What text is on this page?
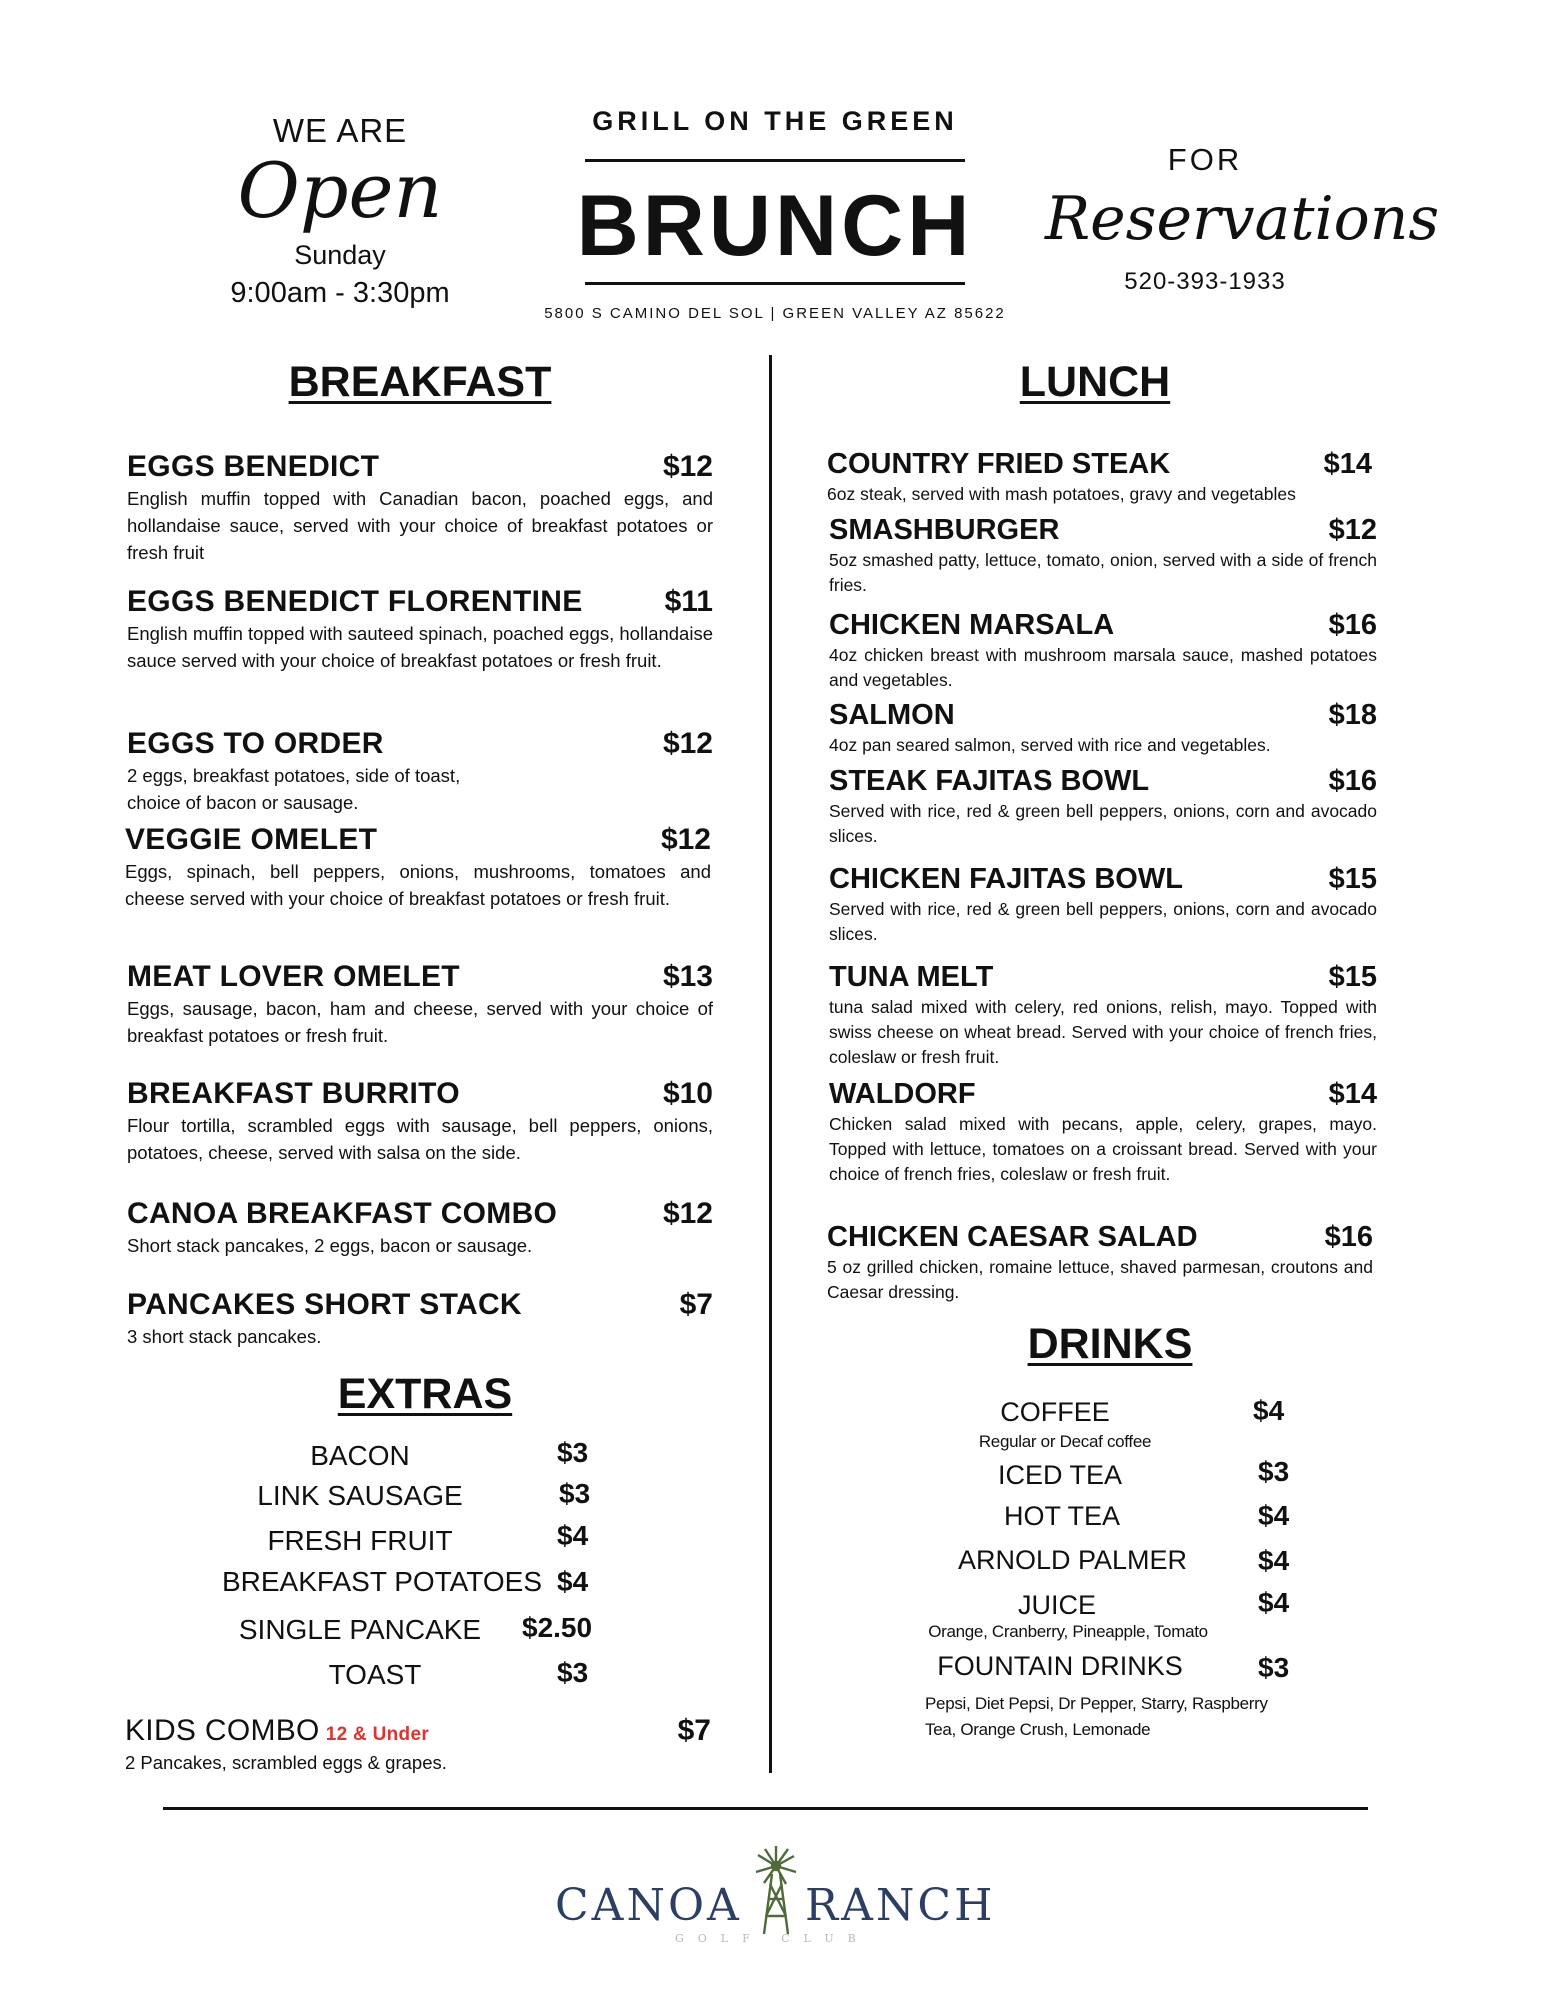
WE ARE
Open
Sunday
9:00am - 3:30pm
GRILL ON THE GREEN
BRUNCH
5800 S CAMINO DEL SOL | GREEN VALLEY AZ 85622
FOR
Reservations
520-393-1933
BREAKFAST
EGGS BENEDICT	$12
English muffin topped with Canadian bacon, poached eggs, and hollandaise sauce, served with your choice of breakfast potatoes or fresh fruit
EGGS BENEDICT FLORENTINE	$11
English muffin topped with sauteed spinach, poached eggs, hollandaise sauce served with your choice of breakfast potatoes or fresh fruit.
EGGS TO ORDER	$12
2 eggs, breakfast potatoes, side of toast,
choice of bacon or sausage.
VEGGIE OMELET	$12
Eggs, spinach, bell peppers, onions, mushrooms, tomatoes and cheese served with your choice of breakfast potatoes or fresh fruit.
MEAT LOVER OMELET	$13
Eggs, sausage, bacon, ham and cheese, served with your choice of breakfast potatoes or fresh fruit.
BREAKFAST BURRITO	$10
Flour tortilla, scrambled eggs with sausage, bell peppers, onions, potatoes, cheese, served with salsa on the side.
CANOA BREAKFAST COMBO	$12
Short stack pancakes, 2 eggs, bacon or sausage.
PANCAKES SHORT STACK	$7
3 short stack pancakes.
EXTRAS
BACON	$3
LINK SAUSAGE	$3
FRESH FRUIT	$4
BREAKFAST POTATOES $4
SINGLE PANCAKE	$2.50
TOAST	$3
KIDS COMBO 12 & Under	$7
2 Pancakes, scrambled eggs & grapes.
LUNCH
COUNTRY FRIED STEAK	$14
6oz steak, served with mash potatoes, gravy and vegetables
SMASHBURGER	$12
5oz smashed patty, lettuce, tomato, onion, served with a side of french fries.
CHICKEN MARSALA	$16
4oz chicken breast with mushroom marsala sauce, mashed potatoes and vegetables.
SALMON	$18
4oz pan seared salmon, served with rice and vegetables.
STEAK FAJITAS BOWL	$16
Served with rice, red & green bell peppers, onions, corn and avocado slices.
CHICKEN FAJITAS BOWL	$15
Served with rice, red & green bell peppers, onions, corn and avocado slices.
TUNA MELT	$15
tuna salad mixed with celery, red onions, relish, mayo. Topped with swiss cheese on wheat bread. Served with your choice of french fries, coleslaw or fresh fruit.
WALDORF	$14
Chicken salad mixed with pecans, apple, celery, grapes, mayo. Topped with lettuce, tomatoes on a croissant bread. Served with your choice of french fries, coleslaw or fresh fruit.
CHICKEN CAESAR SALAD	$16
5 oz grilled chicken, romaine lettuce, shaved parmesan, croutons and Caesar dressing.
DRINKS
COFFEE	$4
Regular or Decaf coffee
ICED TEA	$3
HOT TEA	$4
ARNOLD PALMER	$4
JUICE	$4
Orange, Cranberry, Pineapple, Tomato
FOUNTAIN DRINKS	$3
Pepsi, Diet Pepsi, Dr Pepper, Starry, Raspberry
Tea, Orange Crush, Lemonade
CANOA RANCH
GOLF CLUB
